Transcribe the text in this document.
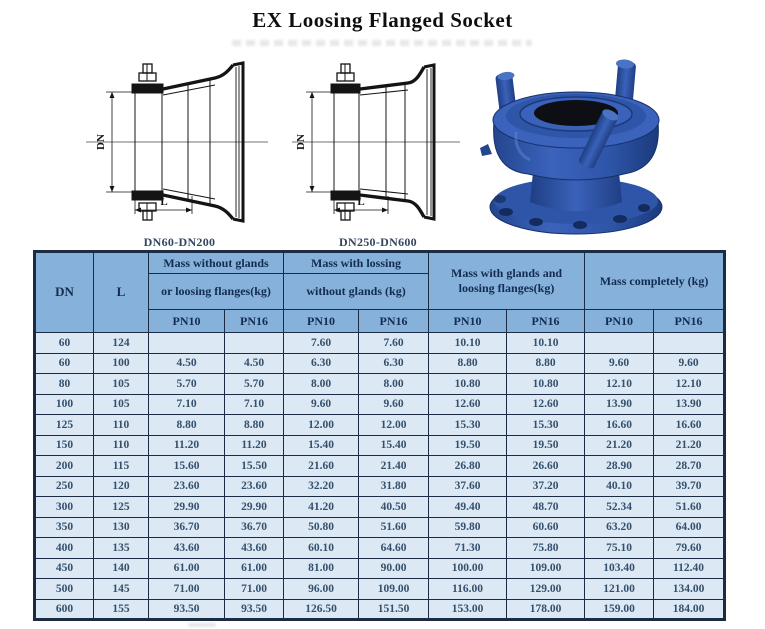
EX Loosing Flanged Socket
DN
L
DN60-DN200
DN
L
DN250-DN600
DN	L	Mass without glands		Mass with lossing		Mass with glands and
loosing flanges(kg)		Mass completely (kg)	
		or loosing flanges(kg)		without glands (kg)					
		PN10	PN16	PN10	PN16	PN10	PN16	PN10	PN16
60	124			7.60	7.60	10.10	10.10		
60	100	4.50	4.50	6.30	6.30	8.80	8.80	9.60	9.60
80	105	5.70	5.70	8.00	8.00	10.80	10.80	12.10	12.10
100	105	7.10	7.10	9.60	9.60	12.60	12.60	13.90	13.90
125	110	8.80	8.80	12.00	12.00	15.30	15.30	16.60	16.60
150	110	11.20	11.20	15.40	15.40	19.50	19.50	21.20	21.20
200	115	15.60	15.50	21.60	21.40	26.80	26.60	28.90	28.70
250	120	23.60	23.60	32.20	31.80	37.60	37.20	40.10	39.70
300	125	29.90	29.90	41.20	40.50	49.40	48.70	52.34	51.60
350	130	36.70	36.70	50.80	51.60	59.80	60.60	63.20	64.00
400	135	43.60	43.60	60.10	64.60	71.30	75.80	75.10	79.60
450	140	61.00	61.00	81.00	90.00	100.00	109.00	103.40	112.40
500	145	71.00	71.00	96.00	109.00	116.00	129.00	121.00	134.00
600	155	93.50	93.50	126.50	151.50	153.00	178.00	159.00	184.00
